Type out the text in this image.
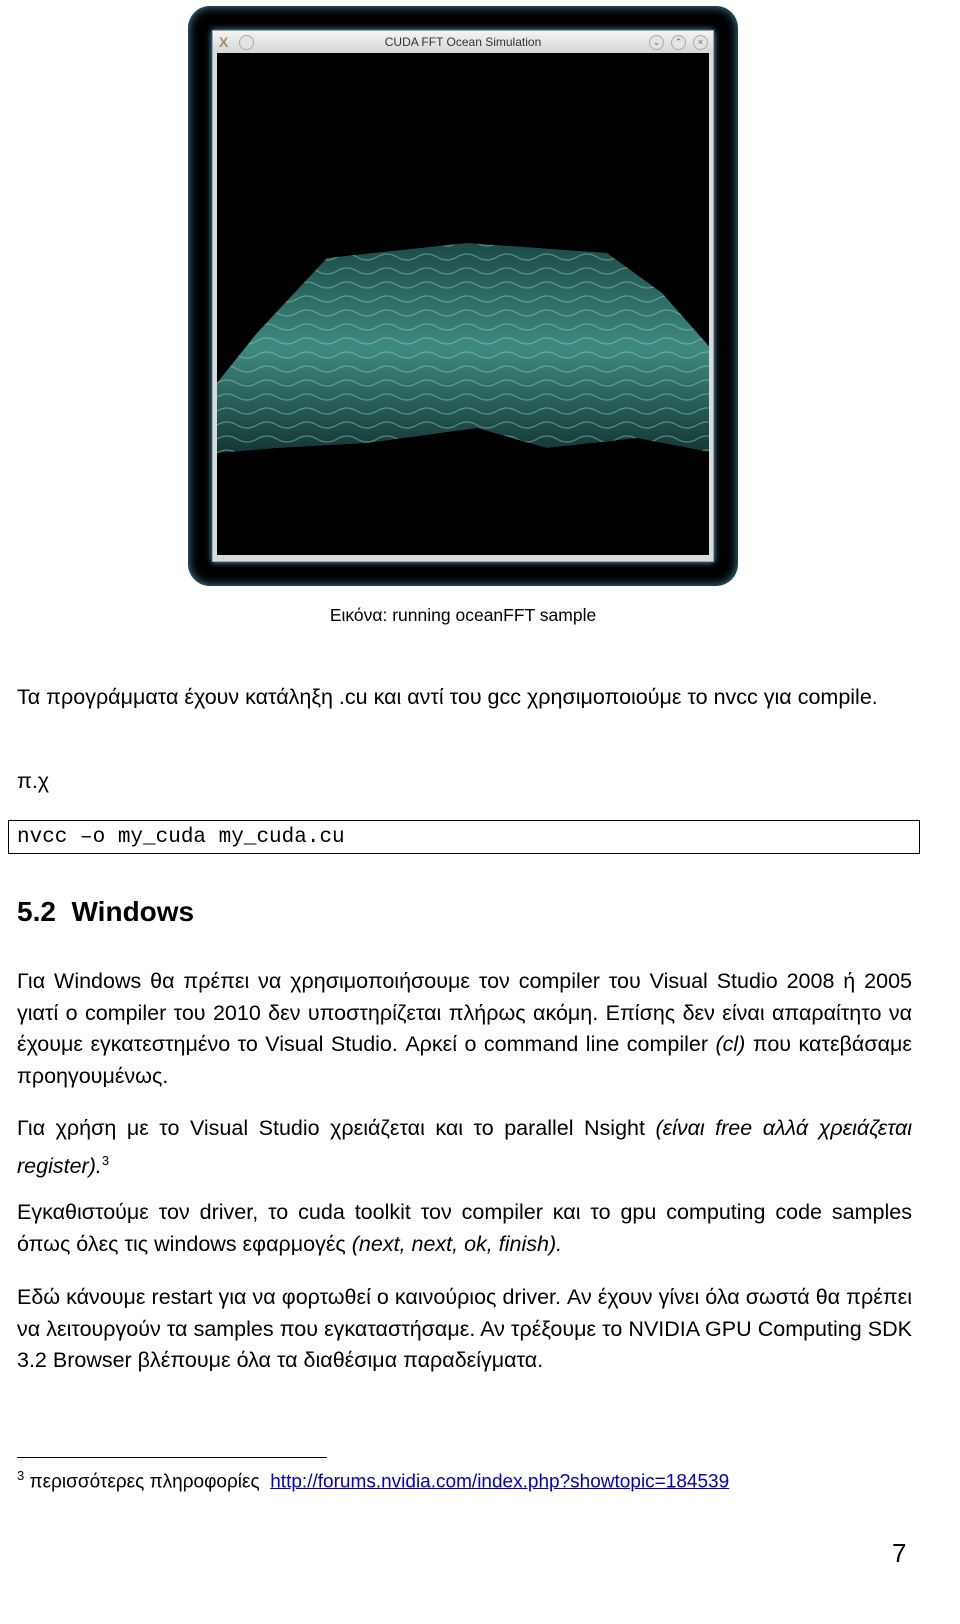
X	CUDA FFT Ocean Simulation	⌄	⌃	×
Εικόνα: running oceanFFT sample

Τα προγράμματα έχουν κατάληξη .cu και αντί του gcc χρησιμοποιούμε το nvcc για compile.

π.χ

nvcc –o my_cuda my_cuda.cu
5.2 Windows

Για Windows θα πρέπει να χρησιμοποιήσουμε τον compiler του Visual Studio 2008 ή 2005 γιατί ο compiler του 2010 δεν υποστηρίζεται πλήρως ακόμη. Επίσης δεν είναι απαραίτητο να έχουμε εγκατεστημένο το Visual Studio. Αρκεί ο command line compiler (cl) που κατεβάσαμε προηγουμένως.

Για χρήση με το Visual Studio χρειάζεται και το parallel Nsight (είναι free αλλά χρειάζεται register).$^3$

Εγκαθιστούμε τον driver, το cuda toolkit τον compiler και το gpu computing code samples όπως όλες τις windows εφαρμογές (next, next, ok, finish).

Εδώ κάνουμε restart για να φορτωθεί ο καινούριος driver. Αν έχουν γίνει όλα σωστά θα πρέπει να λειτουργούν τα samples που εγκαταστήσαμε. Αν τρέξουμε το NVIDIA GPU Computing SDK 3.2 Browser βλέπουμε όλα τα διαθέσιμα παραδείγματα.

$^3$ περισσότερες πληροφορίες http://forums.nvidia.com/index.php?showtopic=184539
7
